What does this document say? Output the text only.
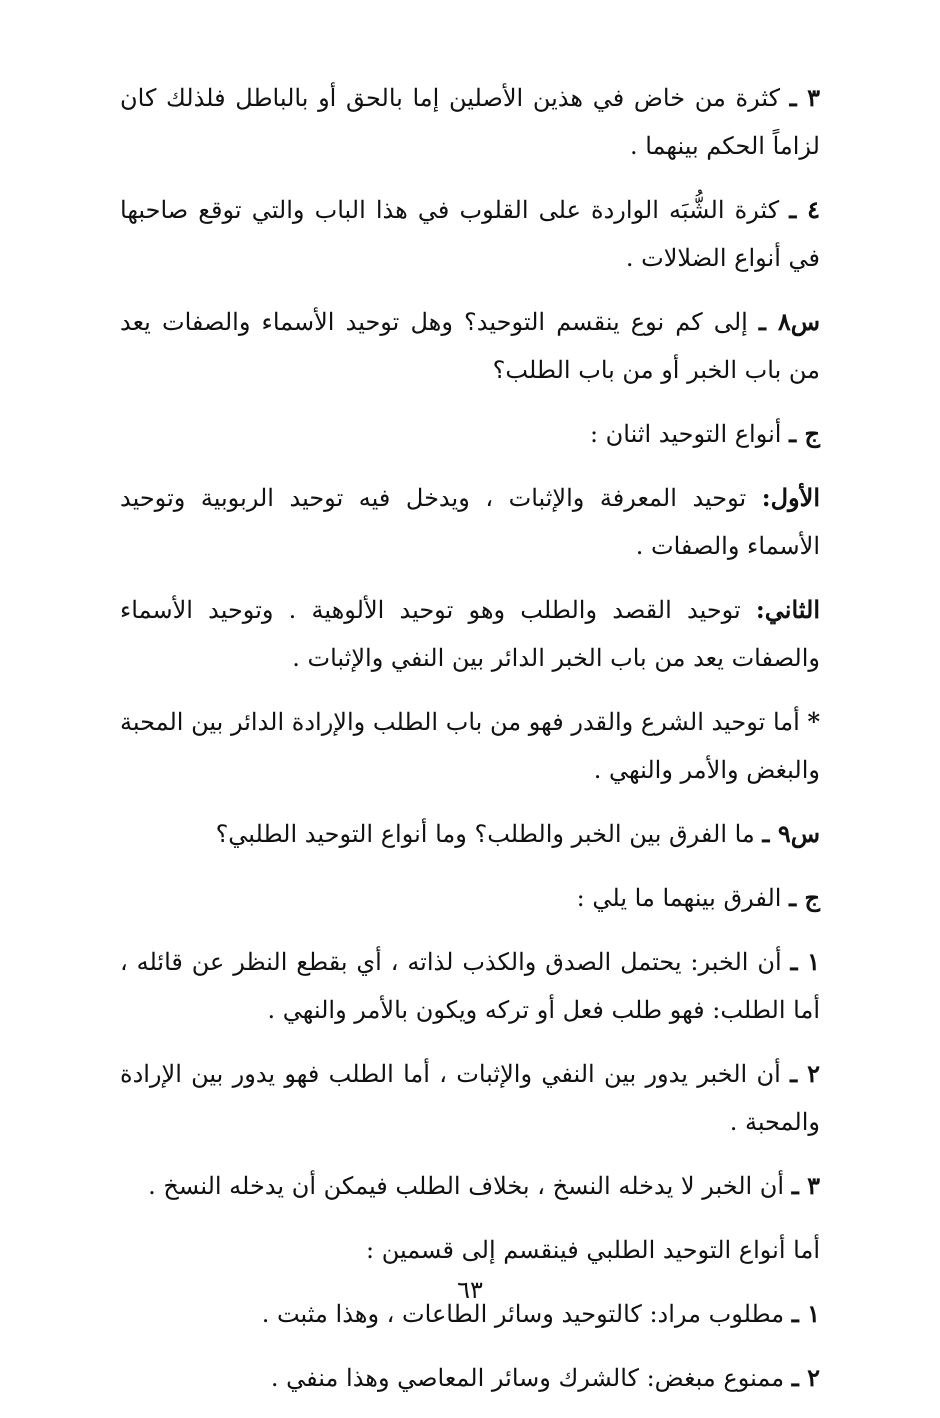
٣ ـ كثرة من خاض في هذين الأصلين إما بالحق أو بالباطل فلذلك كان لزاماً الحكم بينهما .

٤ ـ كثرة الشُّبَه الواردة على القلوب في هذا الباب والتي توقع صاحبها في أنواع الضلالات .

س٨ ـ إلى كم نوع ينقسم التوحيد؟ وهل توحيد الأسماء والصفات يعد من باب الخبر أو من باب الطلب؟

ج ـ أنواع التوحيد اثنان :

الأول: توحيد المعرفة والإثبات ، ويدخل فيه توحيد الربوبية وتوحيد الأسماء والصفات .

الثاني: توحيد القصد والطلب وهو توحيد الألوهية . وتوحيد الأسماء والصفات يعد من باب الخبر الدائر بين النفي والإثبات .

* أما توحيد الشرع والقدر فهو من باب الطلب والإرادة الدائر بين المحبة والبغض والأمر والنهي .

س٩ ـ ما الفرق بين الخبر والطلب؟ وما أنواع التوحيد الطلبي؟

ج ـ الفرق بينهما ما يلي :

١ ـ أن الخبر: يحتمل الصدق والكذب لذاته ، أي بقطع النظر عن قائله ، أما الطلب: فهو طلب فعل أو تركه ويكون بالأمر والنهي .

٢ ـ أن الخبر يدور بين النفي والإثبات ، أما الطلب فهو يدور بين الإرادة والمحبة .

٣ ـ أن الخبر لا يدخله النسخ ، بخلاف الطلب فيمكن أن يدخله النسخ .

أما أنواع التوحيد الطلبي فينقسم إلى قسمين :

١ ـ مطلوب مراد: كالتوحيد وسائر الطاعات ، وهذا مثبت .

٢ ـ ممنوع مبغض: كالشرك وسائر المعاصي وهذا منفي .

٦٣
